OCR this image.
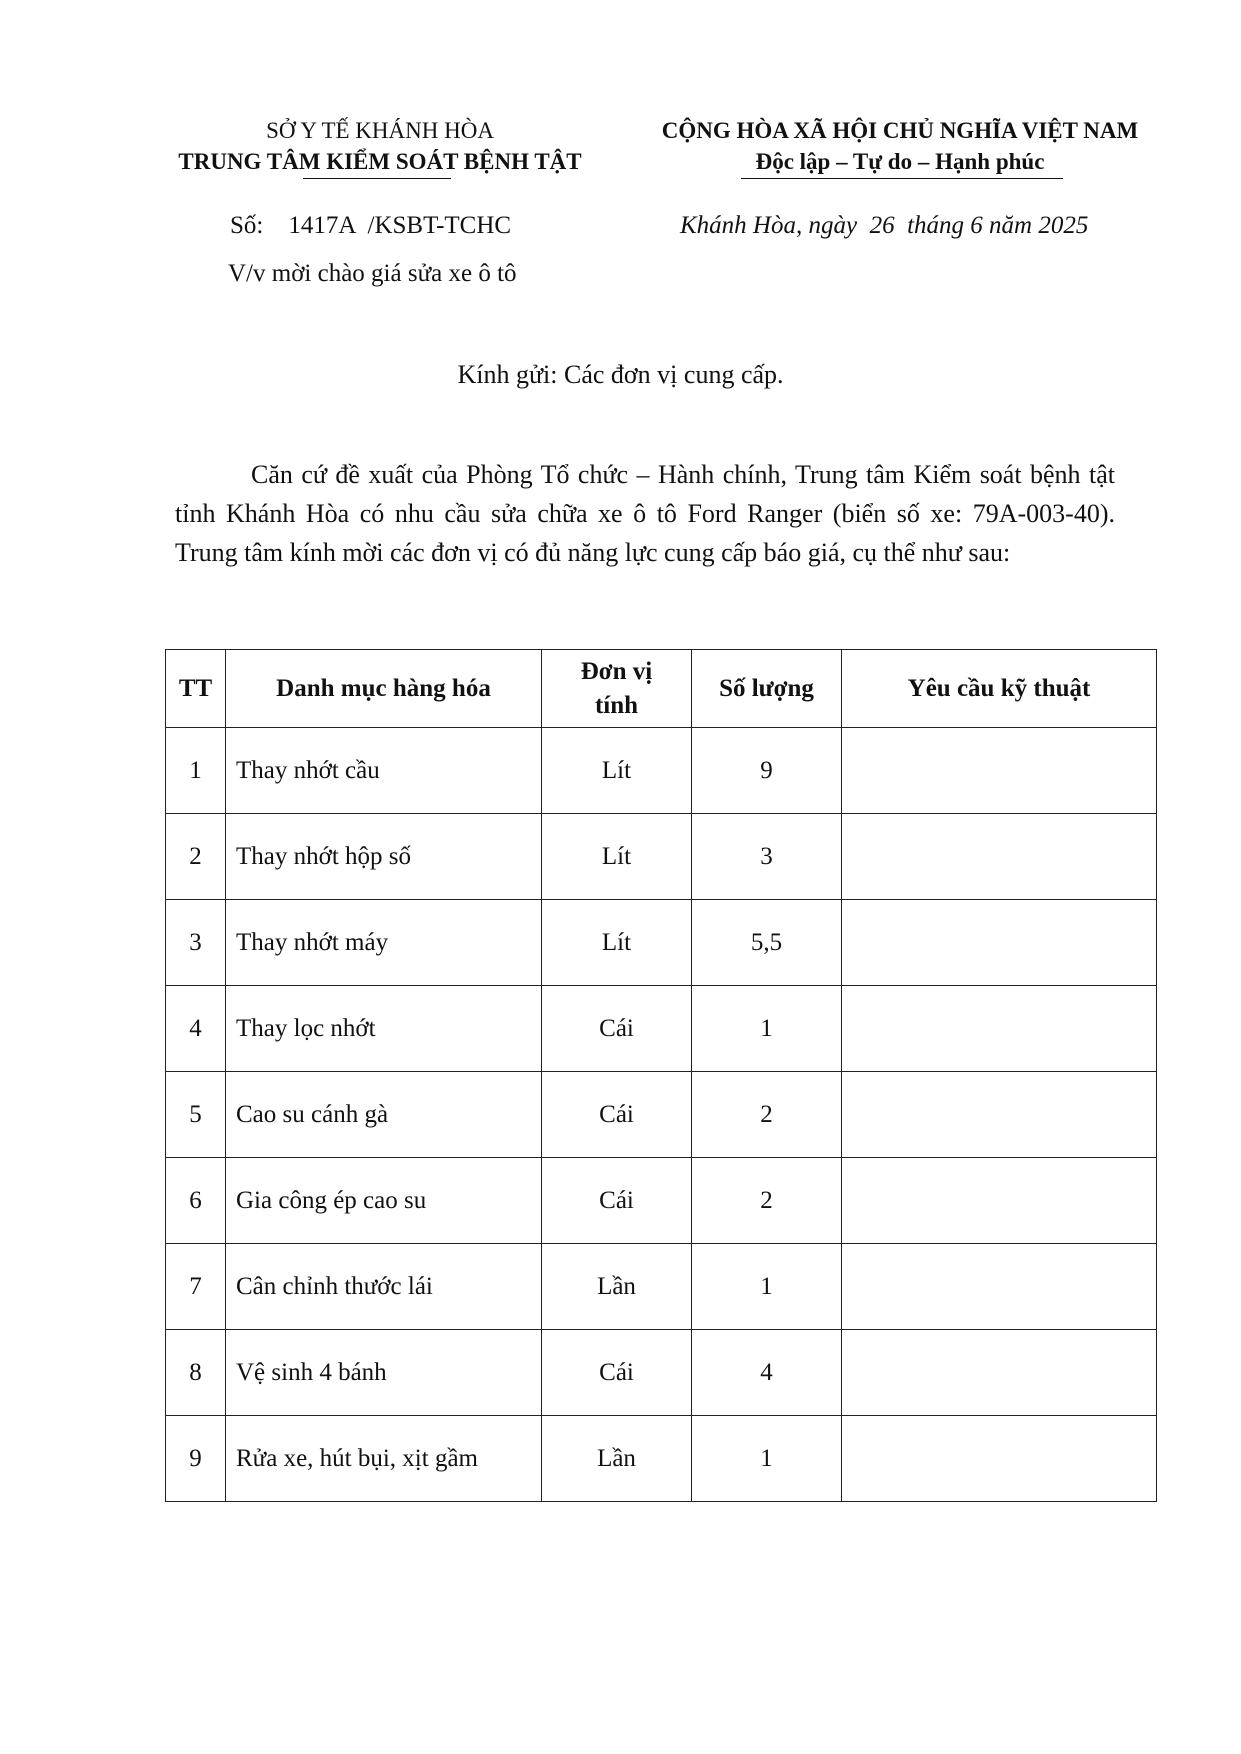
SỞ Y TẾ KHÁNH HÒA
TRUNG TÂM KIỂM SOÁT BỆNH TẬT
CỘNG HÒA XÃ HỘI CHỦ NGHĨA VIỆT NAM
Độc lập – Tự do – Hạnh phúc
Số:    1417A  /KSBT-TCHC
V/v mời chào giá sửa xe ô tô
Khánh Hòa, ngày  26  tháng 6 năm 2025
Kính gửi: Các đơn vị cung cấp.
Căn cứ đề xuất của Phòng Tổ chức – Hành chính, Trung tâm Kiểm soát bệnh tật tỉnh Khánh Hòa có nhu cầu sửa chữa xe ô tô Ford Ranger (biển số xe: 79A-003-40). Trung tâm kính mời các đơn vị có đủ năng lực cung cấp báo giá, cụ thể như sau:
TT	Danh mục hàng hóa	Đơn vị tính	Số lượng	Yêu cầu kỹ thuật
1	Thay nhớt cầu	Lít	9	
2	Thay nhớt hộp số	Lít	3	
3	Thay nhớt máy	Lít	5,5	
4	Thay lọc nhớt	Cái	1	
5	Cao su cánh gà	Cái	2	
6	Gia công ép cao su	Cái	2	
7	Cân chỉnh thước lái	Lần	1	
8	Vệ sinh 4 bánh	Cái	4	
9	Rửa xe, hút bụi, xịt gầm	Lần	1	
